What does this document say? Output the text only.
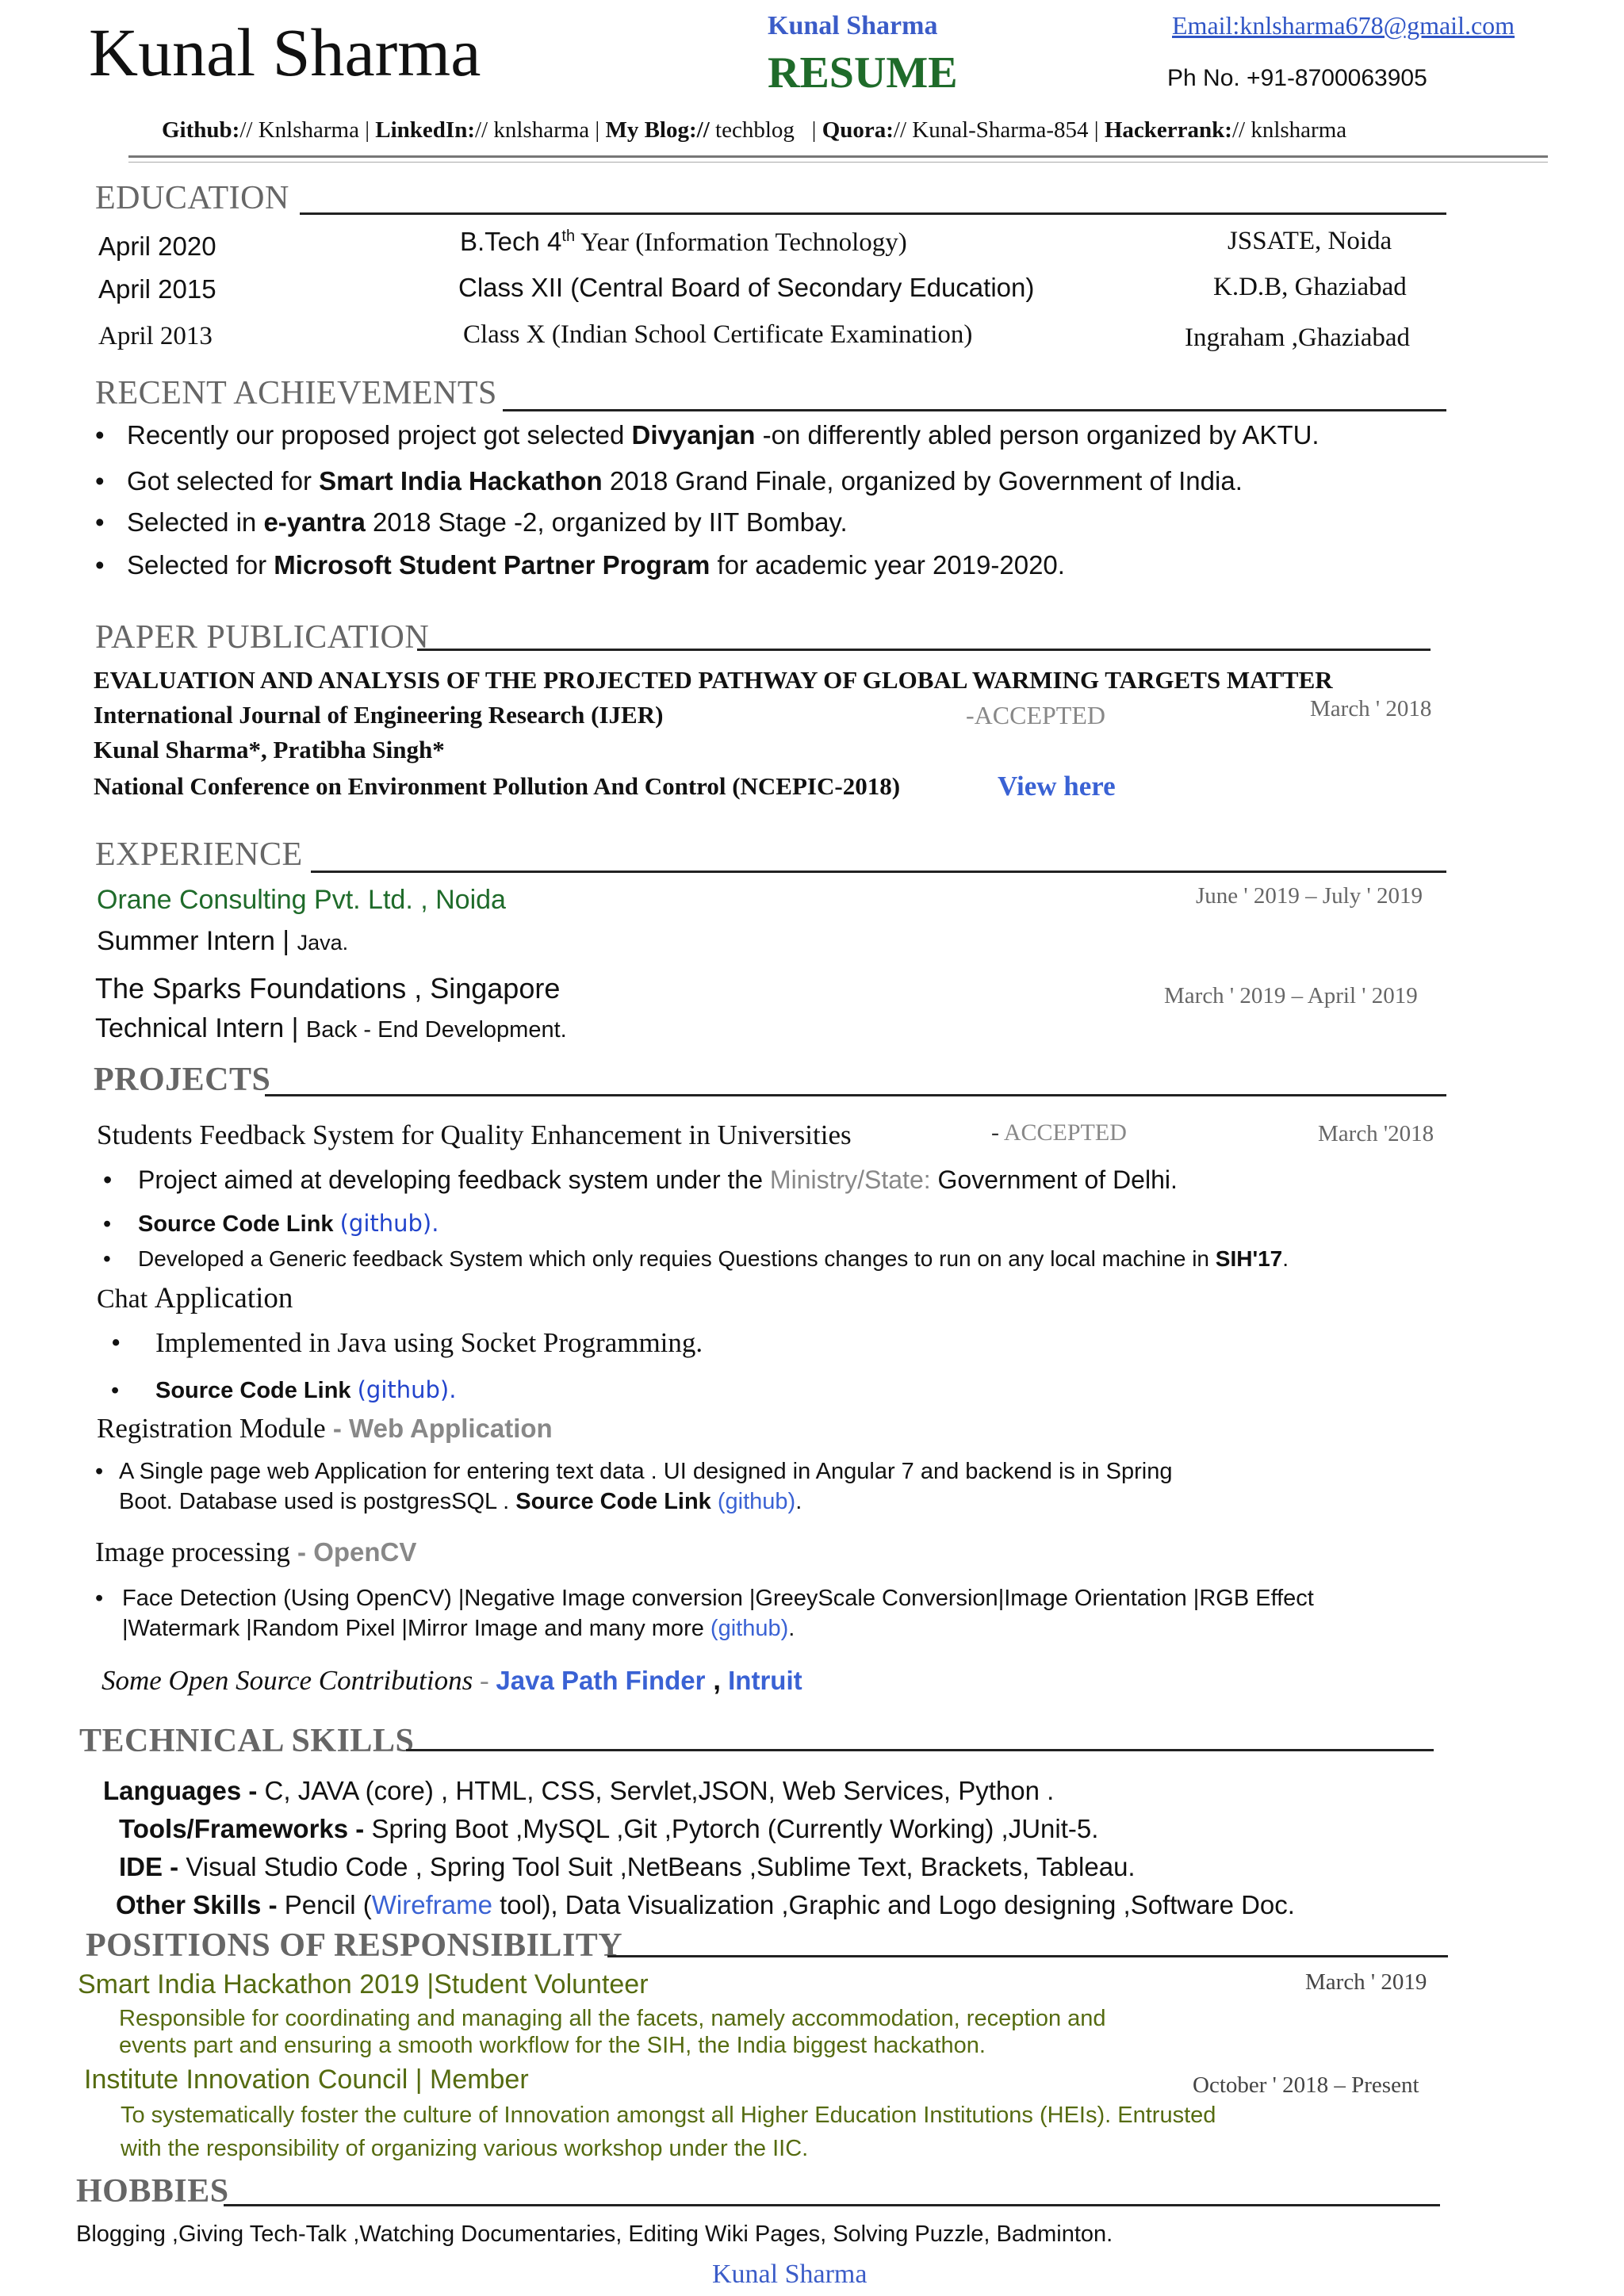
Kunal Sharma	Kunal Sharma
RESUME
Email:knlsharma678@gmail.com
Ph No. +91-8700063905
Github:// Knlsharma | LinkedIn:// knlsharma | My Blog:// techblog   | Quora:// Kunal-Sharma-854 | Hackerrank:// knlsharma
EDUCATION
April 2020	B.Tech 4th Year (Information Technology)	JSSATE, Noida
April 2015	Class XII (Central Board of Secondary Education)	K.D.B, Ghaziabad
April 2013	Class X (Indian School Certificate Examination)	Ingraham ,Ghaziabad
RECENT ACHIEVEMENTS
• Recently our proposed project got selected Divyanjan -on differently abled person organized by AKTU.
• Got selected for Smart India Hackathon 2018 Grand Finale, organized by Government of India.
• Selected in e-yantra 2018 Stage -2, organized by IIT Bombay.
• Selected for Microsoft Student Partner Program for academic year 2019-2020.
PAPER PUBLICATION
EVALUATION AND ANALYSIS OF THE PROJECTED PATHWAY OF GLOBAL WARMING TARGETS MATTER
International Journal of Engineering Research (IJER)	-ACCEPTED	March ' 2018
Kunal Sharma*, Pratibha Singh*
National Conference on Environment Pollution And Control (NCEPIC-2018)	View here
EXPERIENCE
Orane Consulting Pvt. Ltd. , Noida	June ' 2019 – July ' 2019
Summer Intern | Java.
The Sparks Foundations , Singapore	March ' 2019 – April ' 2019
Technical Intern | Back - End Development.
PROJECTS
Students Feedback System for Quality Enhancement in Universities	- ACCEPTED	March '2018
• Project aimed at developing feedback system under the Ministry/State: Government of Delhi.
• Source Code Link (github).
• Developed a Generic feedback System which only requies Questions changes to run on any local machine in SIH'17.
Chat Application
• Implemented in Java using Socket Programming.
• Source Code Link (github).
Registration Module - Web Application
• A Single page web Application for entering text data . UI designed in Angular 7 and backend is in Spring
Boot. Database used is postgresSQL . Source Code Link (github).
Image processing - OpenCV
• Face Detection (Using OpenCV) |Negative Image conversion |GreeyScale Conversion|Image Orientation |RGB Effect
|Watermark |Random Pixel |Mirror Image and many more (github).
Some Open Source Contributions - Java Path Finder , Intruit
TECHNICAL SKILLS
Languages - C, JAVA (core) , HTML, CSS, Servlet,JSON, Web Services, Python .
Tools/Frameworks - Spring Boot ,MySQL ,Git ,Pytorch (Currently Working) ,JUnit-5.
IDE - Visual Studio Code , Spring Tool Suit ,NetBeans ,Sublime Text, Brackets, Tableau.
Other Skills - Pencil (Wireframe tool), Data Visualization ,Graphic and Logo designing ,Software Doc.
POSITIONS OF RESPONSIBILITY
Smart India Hackathon 2019 |Student Volunteer	March ' 2019
Responsible for coordinating and managing all the facets, namely accommodation, reception and
events part and ensuring a smooth workflow for the SIH, the India biggest hackathon.
Institute Innovation Council | Member	October ' 2018 – Present
To systematically foster the culture of Innovation amongst all Higher Education Institutions (HEIs). Entrusted
with the responsibility of organizing various workshop under the IIC.
HOBBIES
Blogging ,Giving Tech-Talk ,Watching Documentaries, Editing Wiki Pages, Solving Puzzle, Badminton.
Kunal Sharma
